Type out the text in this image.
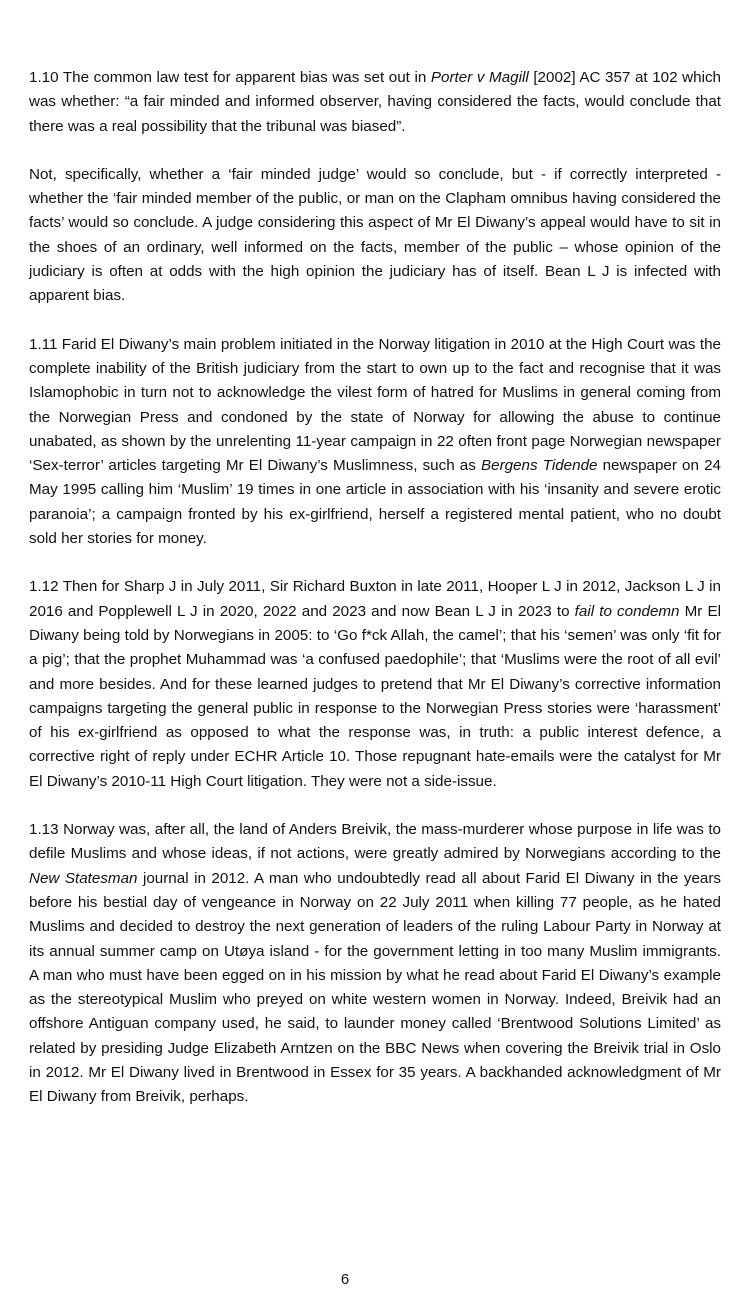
1.10 The common law test for apparent bias was set out in Porter v Magill [2002] AC 357 at 102 which was whether: “a fair minded and informed observer, having considered the facts, would conclude that there was a real possibility that the tribunal was biased”.

Not, specifically, whether a ‘fair minded judge’ would so conclude, but - if correctly interpreted - whether the ‘fair minded member of the public, or man on the Clapham omnibus having considered the facts’ would so conclude. A judge considering this aspect of Mr El Diwany’s appeal would have to sit in the shoes of an ordinary, well informed on the facts, member of the public – whose opinion of the judiciary is often at odds with the high opinion the judiciary has of itself. Bean L J is infected with apparent bias.

1.11 Farid El Diwany’s main problem initiated in the Norway litigation in 2010 at the High Court was the complete inability of the British judiciary from the start to own up to the fact and recognise that it was Islamophobic in turn not to acknowledge the vilest form of hatred for Muslims in general coming from the Norwegian Press and condoned by the state of Norway for allowing the abuse to continue unabated, as shown by the unrelenting 11-year campaign in 22 often front page Norwegian newspaper ‘Sex-terror’ articles targeting Mr El Diwany’s Muslimness, such as Bergens Tidende newspaper on 24 May 1995 calling him ‘Muslim’ 19 times in one article in association with his ‘insanity and severe erotic paranoia’; a campaign fronted by his ex-girlfriend, herself a registered mental patient, who no doubt sold her stories for money.

1.12 Then for Sharp J in July 2011, Sir Richard Buxton in late 2011, Hooper L J in 2012, Jackson L J in 2016 and Popplewell L J in 2020, 2022 and 2023 and now Bean L J in 2023 to fail to condemn Mr El Diwany being told by Norwegians in 2005: to ‘Go f*ck Allah, the camel’; that his ‘semen’ was only ‘fit for a pig’; that the prophet Muhammad was ‘a confused paedophile’; that ‘Muslims were the root of all evil’ and more besides. And for these learned judges to pretend that Mr El Diwany’s corrective information campaigns targeting the general public in response to the Norwegian Press stories were ‘harassment’ of his ex-girlfriend as opposed to what the response was, in truth: a public interest defence, a corrective right of reply under ECHR Article 10. Those repugnant hate-emails were the catalyst for Mr El Diwany’s 2010-11 High Court litigation. They were not a side-issue.

1.13 Norway was, after all, the land of Anders Breivik, the mass-murderer whose purpose in life was to defile Muslims and whose ideas, if not actions, were greatly admired by Norwegians according to the New Statesman journal in 2012. A man who undoubtedly read all about Farid El Diwany in the years before his bestial day of vengeance in Norway on 22 July 2011 when killing 77 people, as he hated Muslims and decided to destroy the next generation of leaders of the ruling Labour Party in Norway at its annual summer camp on Utøya island - for the government letting in too many Muslim immigrants. A man who must have been egged on in his mission by what he read about Farid El Diwany’s example as the stereotypical Muslim who preyed on white western women in Norway. Indeed, Breivik had an offshore Antiguan company used, he said, to launder money called ‘Brentwood Solutions Limited’ as related by presiding Judge Elizabeth Arntzen on the BBC News when covering the Breivik trial in Oslo in 2012. Mr El Diwany lived in Brentwood in Essex for 35 years. A backhanded acknowledgment of Mr El Diwany from Breivik, perhaps.

6
